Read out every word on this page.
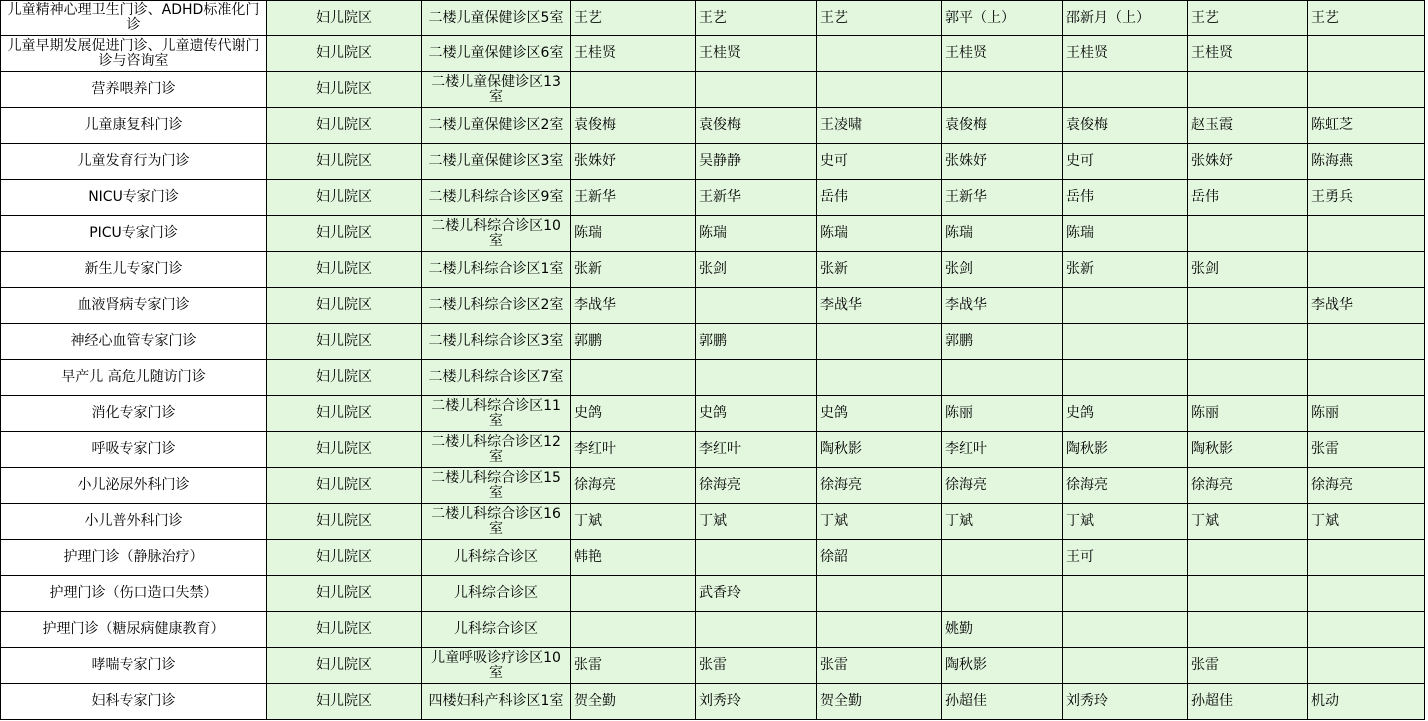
儿童精神心理卫生门诊、ADHD标准化门诊	妇儿院区	二楼儿童保健诊区5室	王艺	王艺	王艺	郭平（上）	邵新月（上）	王艺	王艺
儿童早期发展促进门诊、儿童遗传代谢门诊与咨询室	妇儿院区	二楼儿童保健诊区6室	王桂贤	王桂贤		王桂贤	王桂贤	王桂贤	
营养喂养门诊	妇儿院区	二楼儿童保健诊区13室							
儿童康复科门诊	妇儿院区	二楼儿童保健诊区2室	袁俊梅	袁俊梅	王凌啸	袁俊梅	袁俊梅	赵玉霞	陈虹芝
儿童发育行为门诊	妇儿院区	二楼儿童保健诊区3室	张姝妤	吴静静	史可	张姝妤	史可	张姝妤	陈海燕
NICU专家门诊	妇儿院区	二楼儿科综合诊区9室	王新华	王新华	岳伟	王新华	岳伟	岳伟	王勇兵
PICU专家门诊	妇儿院区	二楼儿科综合诊区10室	陈瑞	陈瑞	陈瑞	陈瑞	陈瑞		
新生儿专家门诊	妇儿院区	二楼儿科综合诊区1室	张新	张剑	张新	张剑	张新	张剑	
血液肾病专家门诊	妇儿院区	二楼儿科综合诊区2室	李战华		李战华	李战华			李战华
神经心血管专家门诊	妇儿院区	二楼儿科综合诊区3室	郭鹏	郭鹏		郭鹏			
早产儿 高危儿随访门诊	妇儿院区	二楼儿科综合诊区7室							
消化专家门诊	妇儿院区	二楼儿科综合诊区11室	史鸽	史鸽	史鸽	陈丽	史鸽	陈丽	陈丽
呼吸专家门诊	妇儿院区	二楼儿科综合诊区12室	李红叶	李红叶	陶秋影	李红叶	陶秋影	陶秋影	张雷
小儿泌尿外科门诊	妇儿院区	二楼儿科综合诊区15室	徐海亮	徐海亮	徐海亮	徐海亮	徐海亮	徐海亮	徐海亮
小儿普外科门诊	妇儿院区	二楼儿科综合诊区16室	丁斌	丁斌	丁斌	丁斌	丁斌	丁斌	丁斌
护理门诊（静脉治疗）	妇儿院区	儿科综合诊区	韩艳		徐韶		王可		
护理门诊（伤口造口失禁）	妇儿院区	儿科综合诊区		武香玲					
护理门诊（糖尿病健康教育）	妇儿院区	儿科综合诊区				姚勤			
哮喘专家门诊	妇儿院区	儿童呼吸诊疗诊区10室	张雷	张雷	张雷	陶秋影		张雷	
妇科专家门诊	妇儿院区	四楼妇科产科诊区1室	贺全勤	刘秀玲	贺全勤	孙超佳	刘秀玲	孙超佳	机动
